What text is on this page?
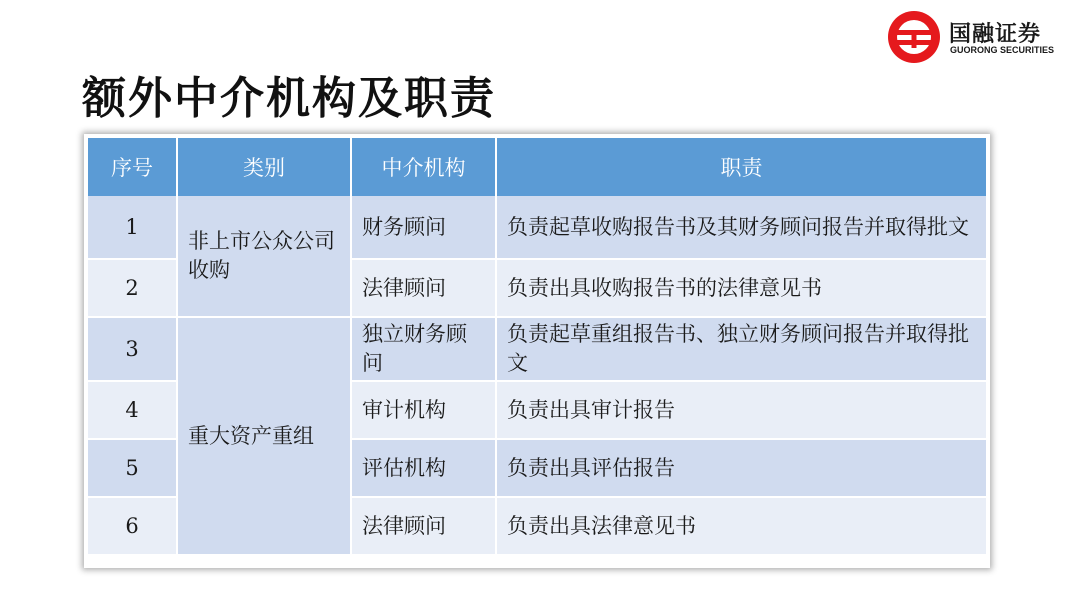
国融证券
GUORONG SECURITIES
额外中介机构及职责
序号	类别	中介机构	职责
1	非上市公众公司收购	财务顾问	负责起草收购报告书及其财务顾问报告并取得批文
2		法律顾问	负责出具收购报告书的法律意见书
3	重大资产重组	独立财务顾问	负责起草重组报告书、独立财务顾问报告并取得批文
4		审计机构	负责出具审计报告
5		评估机构	负责出具评估报告
6		法律顾问	负责出具法律意见书
